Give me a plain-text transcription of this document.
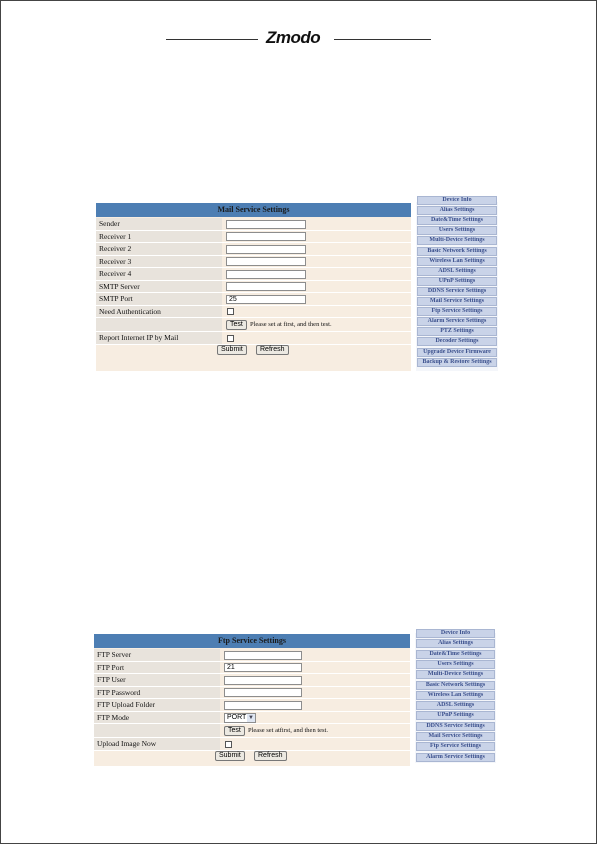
Zmodo
Mail Service Settings
Sender
Receiver 1
Receiver 2
Receiver 3
Receiver 4
SMTP Server
SMTP Port	25
Need Authentication
Test	Please set at first, and then test.
Report Internet IP by Mail
Submit	Refresh
Device Info
Alias Settings
Date&Time Settings
Users Settings
Multi-Device Settings
Basic Network Settings
Wireless Lan Settings
ADSL Settings
UPnP Settings
DDNS Service Settings
Mail Service Settings
Ftp Service Settings
Alarm Service Settings
PTZ Settings
Decoder Settings
Upgrade Device Firmware
Backup & Restore Settings
Ftp Service Settings
FTP Server
FTP Port	21
FTP User
FTP Password
FTP Upload Folder
FTP Mode	PORT ▼
Test	Please set atfirst, and then test.
Upload Image Now
Submit	Refresh
Device Info
Alias Settings
Date&Time Settings
Users Settings
Multi-Device Settings
Basic Network Settings
Wireless Lan Settings
ADSL Settings
UPnP Settings
DDNS Service Settings
Mail Service Settings
Ftp Service Settings
Alarm Service Settings
